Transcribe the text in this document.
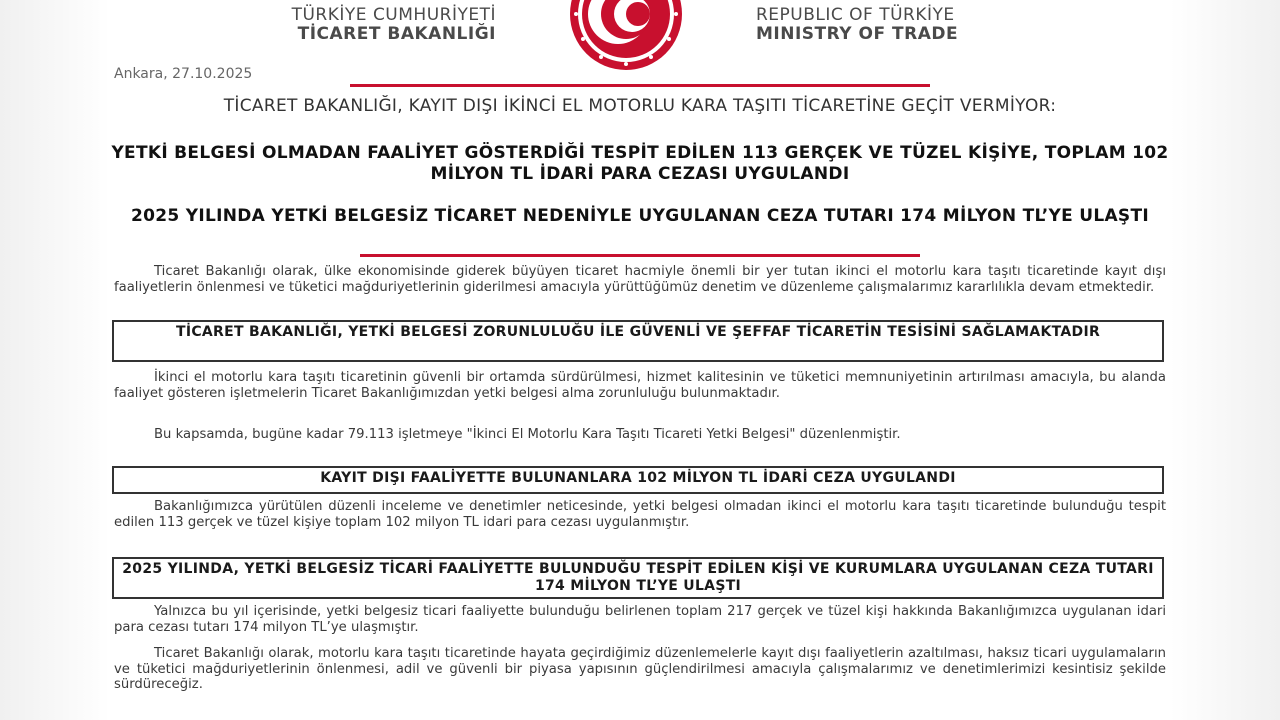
TÜRKİYE CUMHURİYETİ
TİCARET BAKANLIĞI
REPUBLIC OF TÜRKİYE
MINISTRY OF TRADE
Ankara, 27.10.2025
TİCARET BAKANLIĞI, KAYIT DIŞI İKİNCİ EL MOTORLU KARA TAŞITI TİCARETİNE GEÇİT VERMİYOR:
YETKİ BELGESİ OLMADAN FAALİYET GÖSTERDİĞİ TESPİT EDİLEN 113 GERÇEK VE TÜZEL KİŞİYE, TOPLAM 102 MİLYON TL İDARİ PARA CEZASI UYGULANDI
2025 YILINDA YETKİ BELGESİZ TİCARET NEDENİYLE UYGULANAN CEZA TUTARI 174 MİLYON TL’YE ULAŞTI
Ticaret Bakanlığı olarak, ülke ekonomisinde giderek büyüyen ticaret hacmiyle önemli bir yer tutan ikinci el motorlu kara taşıtı ticaretinde kayıt dışı faaliyetlerin önlenmesi ve tüketici mağduriyetlerinin giderilmesi amacıyla yürüttüğümüz denetim ve düzenleme çalışmalarımız kararlılıkla devam etmektedir.
TİCARET BAKANLIĞI, YETKİ BELGESİ ZORUNLULUĞU İLE GÜVENLİ VE ŞEFFAF TİCARETİN TESİSİNİ SAĞLAMAKTADIR
İkinci el motorlu kara taşıtı ticaretinin güvenli bir ortamda sürdürülmesi, hizmet kalitesinin ve tüketici memnuniyetinin artırılması amacıyla, bu alanda faaliyet gösteren işletmelerin Ticaret Bakanlığımızdan yetki belgesi alma zorunluluğu bulunmaktadır.
Bu kapsamda, bugüne kadar 79.113 işletmeye "İkinci El Motorlu Kara Taşıtı Ticareti Yetki Belgesi" düzenlenmiştir.
KAYIT DIŞI FAALİYETTE BULUNANLARA 102 MİLYON TL İDARİ CEZA UYGULANDI
Bakanlığımızca yürütülen düzenli inceleme ve denetimler neticesinde, yetki belgesi olmadan ikinci el motorlu kara taşıtı ticaretinde bulunduğu tespit edilen 113 gerçek ve tüzel kişiye toplam 102 milyon TL idari para cezası uygulanmıştır.
2025 YILINDA, YETKİ BELGESİZ TİCARİ FAALİYETTE BULUNDUĞU TESPİT EDİLEN KİŞİ VE KURUMLARA UYGULANAN CEZA TUTARI 174 MİLYON TL’YE ULAŞTI
Yalnızca bu yıl içerisinde, yetki belgesiz ticari faaliyette bulunduğu belirlenen toplam 217 gerçek ve tüzel kişi hakkında Bakanlığımızca uygulanan idari para cezası tutarı 174 milyon TL’ye ulaşmıştır.
Ticaret Bakanlığı olarak, motorlu kara taşıtı ticaretinde hayata geçirdiğimiz düzenlemelerle kayıt dışı faaliyetlerin azaltılması, haksız ticari uygulamaların ve tüketici mağduriyetlerinin önlenmesi, adil ve güvenli bir piyasa yapısının güçlendirilmesi amacıyla çalışmalarımız ve denetimlerimizi kesintisiz şekilde sürdüreceğiz.
